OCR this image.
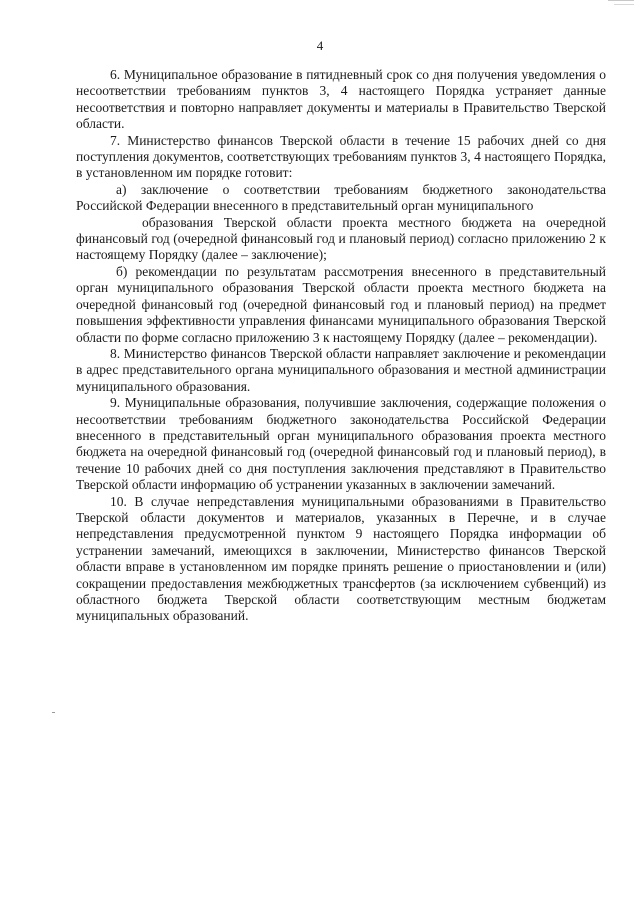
4

6. Муниципальное образование в пятидневный срок со дня получения уведомления о несоответствии требованиям пунктов 3, 4 настоящего Порядка устраняет данные несоответствия и повторно направляет документы и материалы в Правительство Тверской области.

7. Министерство финансов Тверской области в течение 15 рабочих дней со дня поступления документов, соответствующих требованиям пунктов 3, 4 настоящего Порядка, в установленном им порядке готовит:

а) заключение о соответствии требованиям бюджетного законодательства Российской Федерации внесенного в представительный орган муниципального

образования Тверской области проекта местного бюджета на очередной финансовый год (очередной финансовый год и плановый период) согласно приложению 2 к настоящему Порядку (далее – заключение);

б) рекомендации по результатам рассмотрения внесенного в представительный орган муниципального образования Тверской области проекта местного бюджета на очередной финансовый год (очередной финансовый год и плановый период) на предмет повышения эффективности управления финансами муниципального образования Тверской области по форме согласно приложению 3 к настоящему Порядку (далее – рекомендации).

8. Министерство финансов Тверской области направляет заключение и рекомендации в адрес представительного органа муниципального образования и местной администрации муниципального образования.

9. Муниципальные образования, получившие заключения, содержащие положения о несоответствии требованиям бюджетного законодательства Российской Федерации внесенного в представительный орган муниципального образования проекта местного бюджета на очередной финансовый год (очередной финансовый год и плановый период), в течение 10 рабочих дней со дня поступления заключения представляют в Правительство Тверской области информацию об устранении указанных в заключении замечаний.

10. В случае непредставления муниципальными образованиями в Правительство Тверской области документов и материалов, указанных в Перечне, и в случае непредставления предусмотренной пунктом 9 настоящего Порядка информации об устранении замечаний, имеющихся в заключении, Министерство финансов Тверской области вправе в установленном им порядке принять решение о приостановлении и (или) сокращении предоставления межбюджетных трансфертов (за исключением субвенций) из областного бюджета Тверской области соответствующим местным бюджетам муниципальных образований.
